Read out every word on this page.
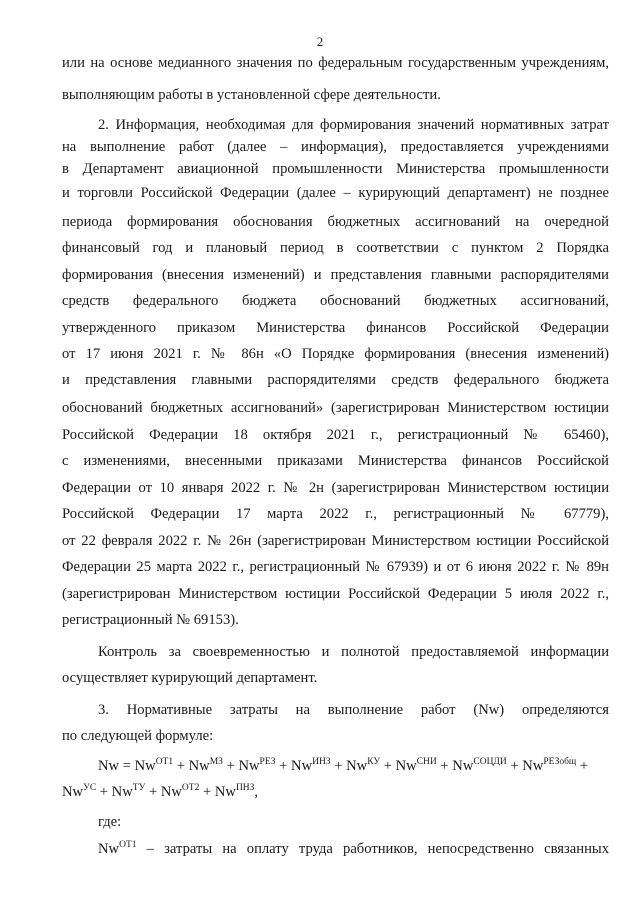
2
или на основе медианного значения по федеральным государственным учреждениям,
выполняющим работы в установленной сфере деятельности.
2. Информация, необходимая для формирования значений нормативных затрат
на выполнение работ (далее – информация), предоставляется учреждениями
в Департамент авиационной промышленности Министерства промышленности
и торговли Российской Федерации (далее – курирующий департамент) не позднее
периода формирования обоснования бюджетных ассигнований на очередной
финансовый год и плановый период в соответствии с пунктом 2 Порядка
формирования (внесения изменений) и представления главными распорядителями
средств федерального бюджета обоснований бюджетных ассигнований,
утвержденного приказом Министерства финансов Российской Федерации
от 17 июня 2021 г. № 86н «О Порядке формирования (внесения изменений)
и представления главными распорядителями средств федерального бюджета
обоснований бюджетных ассигнований» (зарегистрирован Министерством юстиции
Российской Федерации 18 октября 2021 г., регистрационный № 65460),
с изменениями, внесенными приказами Министерства финансов Российской
Федерации от 10 января 2022 г. № 2н (зарегистрирован Министерством юстиции
Российской Федерации 17 марта 2022 г., регистрационный № 67779),
от 22 февраля 2022 г. № 26н (зарегистрирован Министерством юстиции Российской
Федерации 25 марта 2022 г., регистрационный № 67939) и от 6 июня 2022 г. № 89н
(зарегистрирован Министерством юстиции Российской Федерации 5 июля 2022 г.,
регистрационный № 69153).
Контроль за своевременностью и полнотой предоставляемой информации
осуществляет курирующий департамент.
3. Нормативные затраты на выполнение работ (Nw) определяются
по следующей формуле:
$Nw = Nw^{ОТ1} + Nw^{МЗ} + Nw^{РЕЗ} + Nw^{ИНЗ} + Nw^{КУ} + Nw^{СНИ} + Nw^{СОЦДИ} + Nw^{РЕЗобщ}$ +
$Nw^{УС} + Nw^{ТУ} + Nw^{ОТ2} + Nw^{ПНЗ}$,
где:
$Nw^{ОТ1}$ – затраты на оплату труда работников, непосредственно связанных
